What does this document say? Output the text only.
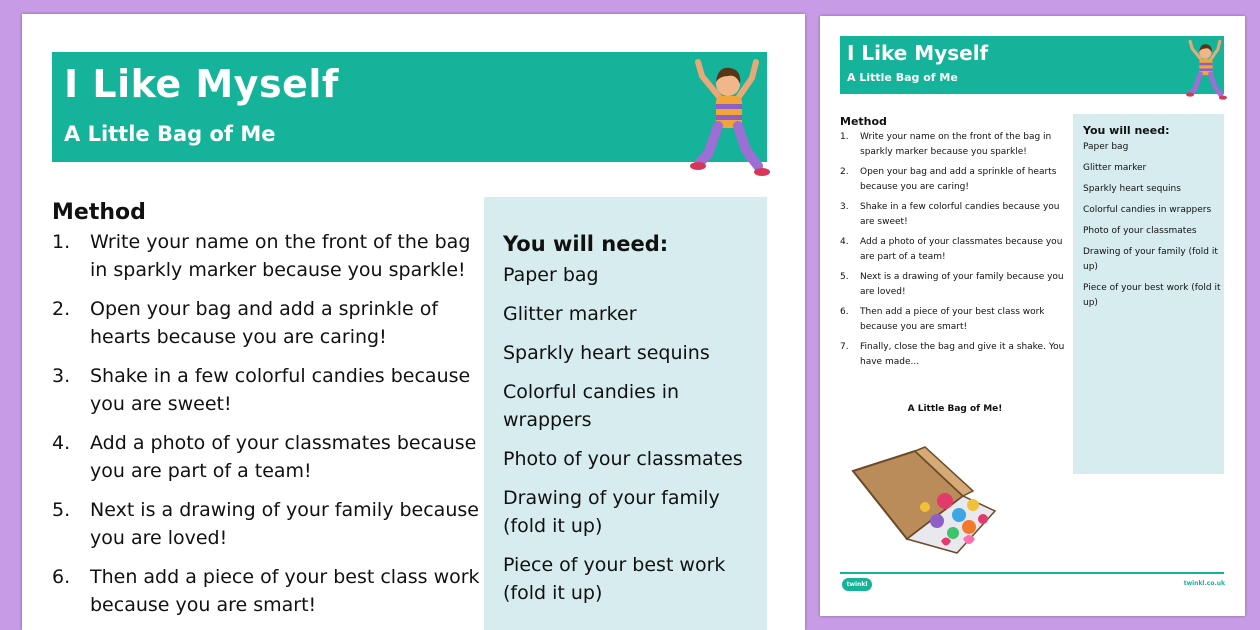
I Like Myself
A Little Bag of Me
Method
1. Write your name on the front of the bag in sparkly marker because you sparkle!
2. Open your bag and add a sprinkle of hearts because you are caring!
3. Shake in a few colorful candies because you are sweet!
4. Add a photo of your classmates because you are part of a team!
5. Next is a drawing of your family because you are loved!
6. Then add a piece of your best class work because you are smart!
You will need:
Paper bag
Glitter marker
Sparkly heart sequins
Colorful candies in wrappers
Photo of your classmates
Drawing of your family (fold it up)
Piece of your best work (fold it up)
I Like Myself
A Little Bag of Me
Method
1. Write your name on the front of the bag in sparkly marker because you sparkle!
2. Open your bag and add a sprinkle of hearts because you are caring!
3. Shake in a few colorful candies because you are sweet!
4. Add a photo of your classmates because you are part of a team!
5. Next is a drawing of your family because you are loved!
6. Then add a piece of your best class work because you are smart!
7. Finally, close the bag and give it a shake. You have made...
A Little Bag of Me!
You will need:
Paper bag
Glitter marker
Sparkly heart sequins
Colorful candies in wrappers
Photo of your classmates
Drawing of your family (fold it up)
Piece of your best work (fold it up)
twinkl	twinkl.co.uk
